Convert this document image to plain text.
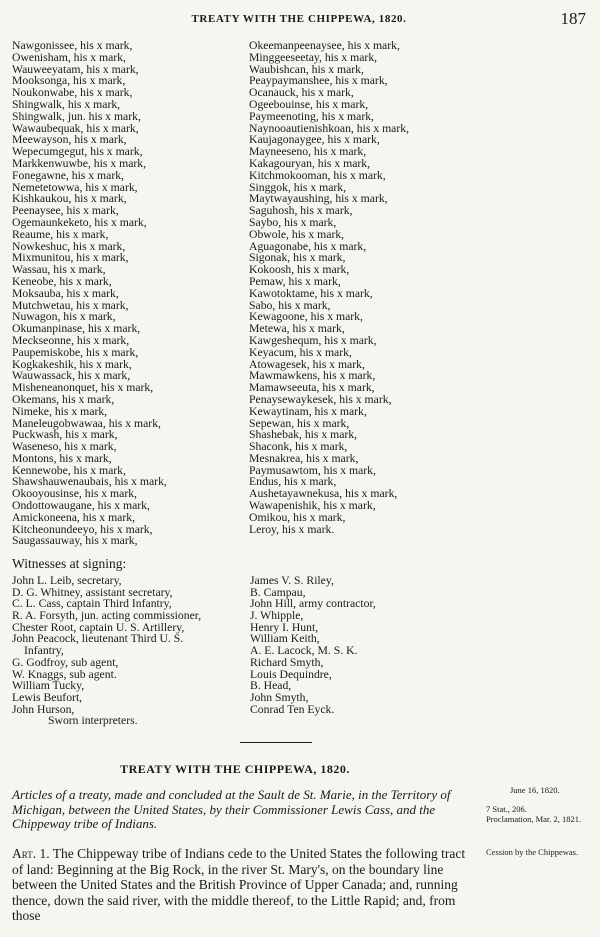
TREATY WITH THE CHIPPEWA, 1820.	187
Nawgonissee, his x mark,
Owenisham, his x mark,
Wauweeyatam, his x mark,
Mooksonga, his x mark,
Noukonwabe, his x mark,
Shingwalk, his x mark,
Shingwalk, jun. his x mark,
Wawaubequak, his x mark,
Meewayson, his x mark,
Wepecumgegut, his x mark,
Markkenwuwbe, his x mark,
Fonegawne, his x mark,
Nemetetowwa, his x mark,
Kishkaukou, his x mark,
Peenaysee, his x mark,
Ogemaunkeketo, his x mark,
Reaume, his x mark,
Nowkeshuc, his x mark,
Mixmunitou, his x mark,
Wassau, his x mark,
Keneobe, his x mark,
Moksauba, his x mark,
Mutchwetau, his x mark,
Nuwagon, his x mark,
Okumanpinase, his x mark,
Meckseonne, his x mark,
Paupemiskobe, his x mark,
Kogkakeshik, his x mark,
Wauwassack, his x mark,
Misheneanonquet, his x mark,
Okemans, his x mark,
Nimeke, his x mark,
Maneleugobwawaa, his x mark,
Puckwash, his x mark,
Waseneso, his x mark,
Montons, his x mark,
Kennewobe, his x mark,
Shawshauwenaubais, his x mark,
Okooyousinse, his x mark,
Ondottowaugane, his x mark,
Amickoneena, his x mark,
Kitcheonundeeyo, his x mark,
Saugassauway, his x mark,
Okeemanpeenaysee, his x mark,
Minggeeseetay, his x mark,
Waubishcan, his x mark,
Peaypaymanshee, his x mark,
Ocanauck, his x mark,
Ogeebouinse, his x mark,
Paymeenoting, his x mark,
Naynooautienishkoan, his x mark,
Kaujagonaygee, his x mark,
Mayneeseno, his x mark,
Kakagouryan, his x mark,
Kitchmokooman, his x mark,
Singgok, his x mark,
Maytwayaushing, his x mark,
Saguhosh, his x mark,
Saybo, his x mark,
Obwole, his x mark,
Aguagonabe, his x mark,
Sigonak, his x mark,
Kokoosh, his x mark,
Pemaw, his x mark,
Kawotoktame, his x mark,
Sabo, his x mark,
Kewagoone, his x mark,
Metewa, his x mark,
Kawgeshequm, his x mark,
Keyacum, his x mark,
Atowagesek, his x mark,
Mawmawkens, his x mark,
Mamawseeuta, his x mark,
Penaysewaykesek, his x mark,
Kewaytinam, his x mark,
Sepewan, his x mark,
Shashebak, his x mark,
Shaconk, his x mark,
Mesnakrea, his x mark,
Paymusawtom, his x mark,
Endus, his x mark,
Aushetayawnekusa, his x mark,
Wawapenishik, his x mark,
Omikou, his x mark,
Leroy, his x mark.
Witnesses at signing:
John L. Leib, secretary,
D. G. Whitney, assistant secretary,
C. L. Cass, captain Third Infantry,
R. A. Forsyth, jun. acting commissioner,
Chester Root, captain U. S. Artillery,
John Peacock, lieutenant Third U. S.
Infantry,
G. Godfroy, sub agent,
W. Knaggs, sub agent.
William Tucky,
Lewis Beufort,
John Hurson,
Sworn interpreters.
James V. S. Riley,
B. Campau,
John Hill, army contractor,
J. Whipple,
Henry I. Hunt,
William Keith,
A. E. Lacock, M. S. K.
Richard Smyth,
Louis Dequindre,
B. Head,
John Smyth,
Conrad Ten Eyck.
TREATY WITH THE CHIPPEWA, 1820.
Articles of a treaty, made and concluded at the Sault de St. Marie, in the Territory of Michigan, between the United States, by their Commissioner Lewis Cass, and the Chippeway tribe of Indians.
Art. 1. The Chippeway tribe of Indians cede to the United States the following tract of land: Beginning at the Big Rock, in the river St. Mary's, on the boundary line between the United States and the British Province of Upper Canada; and, running thence, down the said river, with the middle thereof, to the Little Rapid; and, from those
June 16, 1820.
7 Stat., 206.
Proclamation, Mar. 2, 1821.
Cession by the Chippewas.
